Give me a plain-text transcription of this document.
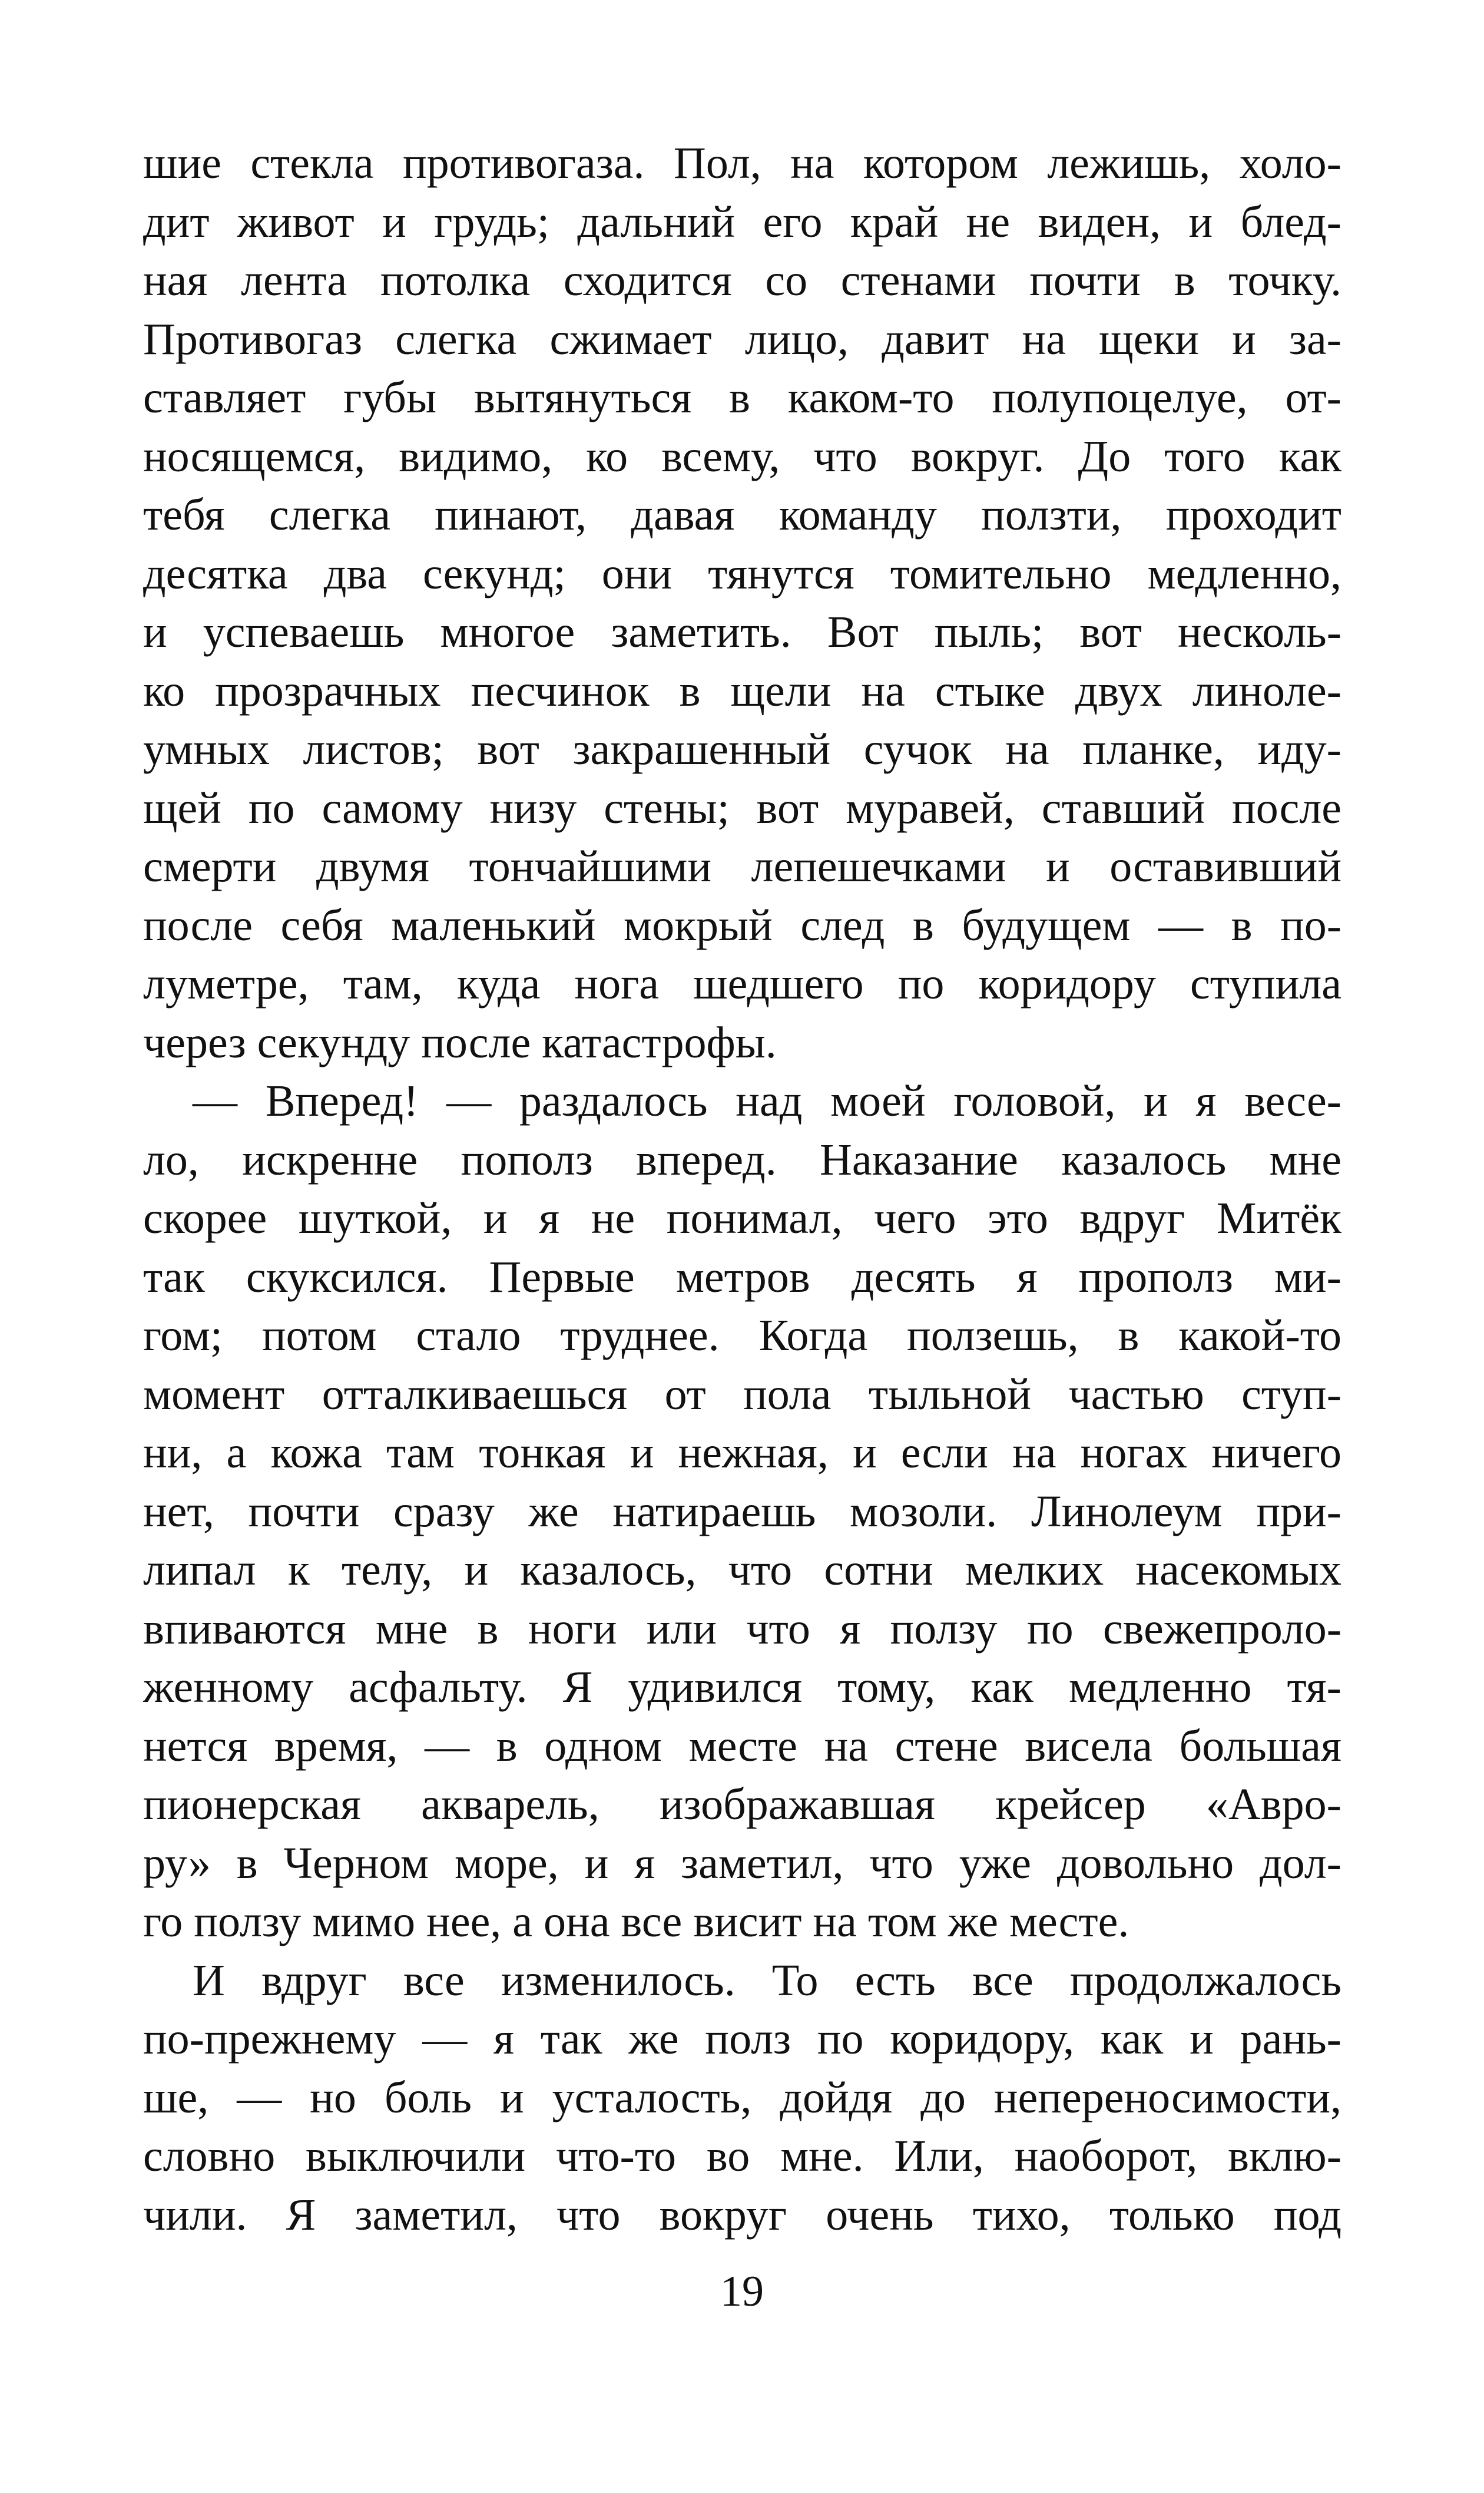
шие стекла противогаза. Пол, на котором лежишь, холо-
дит живот и грудь; дальний его край не виден, и блед-
ная лента потолка сходится со стенами почти в точку.
Противогаз слегка сжимает лицо, давит на щеки и за-
ставляет губы вытянуться в каком-то полупоцелуе, от-
носящемся, видимо, ко всему, что вокруг. До того как
тебя слегка пинают, давая команду ползти, проходит
десятка два секунд; они тянутся томительно медленно,
и успеваешь многое заметить. Вот пыль; вот несколь-
ко прозрачных песчинок в щели на стыке двух линоле-
умных листов; вот закрашенный сучок на планке, иду-
щей по самому низу стены; вот муравей, ставший после
смерти двумя тончайшими лепешечками и оставивший
после себя маленький мокрый след в будущем — в по-
луметре, там, куда нога шедшего по коридору ступила
через секунду после катастрофы.
— Вперед! — раздалось над моей головой, и я весе-
ло, искренне пополз вперед. Наказание казалось мне
скорее шуткой, и я не понимал, чего это вдруг Митёк
так скуксился. Первые метров десять я прополз ми-
гом; потом стало труднее. Когда ползешь, в какой-то
момент отталкиваешься от пола тыльной частью ступ-
ни, а кожа там тонкая и нежная, и если на ногах ничего
нет, почти сразу же натираешь мозоли. Линолеум при-
липал к телу, и казалось, что сотни мелких насекомых
впиваются мне в ноги или что я ползу по свежепроло-
женному асфальту. Я удивился тому, как медленно тя-
нется время, — в одном месте на стене висела большая
пионерская акварель, изображавшая крейсер «Авро-
ру» в Черном море, и я заметил, что уже довольно дол-
го ползу мимо нее, а она все висит на том же месте.
И вдруг все изменилось. То есть все продолжалось
по-прежнему — я так же полз по коридору, как и рань-
ше, — но боль и усталость, дойдя до непереносимости,
словно выключили что-то во мне. Или, наоборот, вклю-
чили. Я заметил, что вокруг очень тихо, только под
19
